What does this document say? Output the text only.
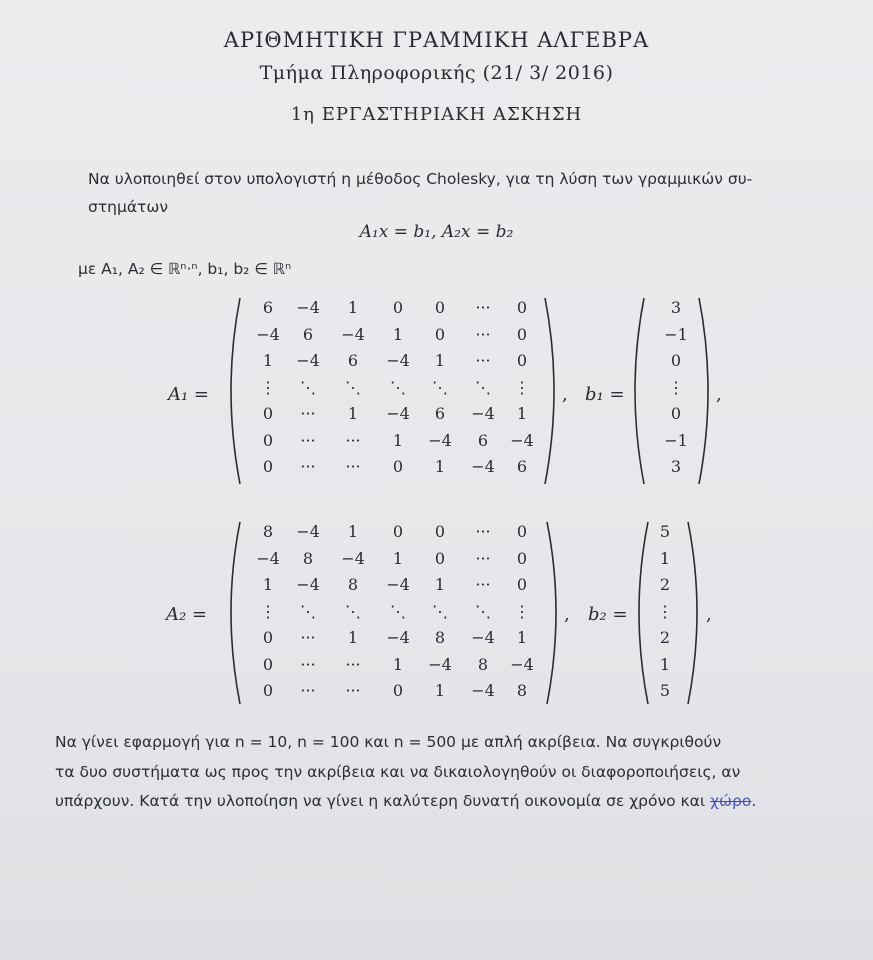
ΑΡΙΘΜΗΤΙΚΗ ΓΡΑΜΜΙΚΗ ΑΛΓΕΒΡΑ
Τμήμα Πληροφορικής (21/ 3/ 2016)
1η ΕΡΓΑΣΤΗΡΙΑΚΗ ΑΣΚΗΣΗ
Να υλοποιηθεί στον υπολογιστή η μέθοδος Cholesky, για τη λύση των γραμμικών συ-
στημάτων
A₁x = b₁, A₂x = b₂
με A₁, A₂ ∈ ℝⁿ·ⁿ, b₁, b₂ ∈ ℝⁿ
A₁ =
6	−4	1	0	0	···	0
−4	6	−4	1	0	···	0
1	−4	6	−4	1	···	0
⋮	⋱	⋱	⋱	⋱	⋱	⋮
0	···	1	−4	6	−4	1
0	···	···	1	−4	6	−4
0	···	···	0	1	−4	6
b₁ =
3
−1
0
⋮
0
−1
3
,	,
A₂ =
8	−4	1	0	0	···	0
−4	8	−4	1	0	···	0
1	−4	8	−4	1	···	0
⋮	⋱	⋱	⋱	⋱	⋱	⋮
0	···	1	−4	8	−4	1
0	···	···	1	−4	8	−4
0	···	···	0	1	−4	8
b₂ =
5
1
2
⋮
2
1
5
,	,
Να γίνει εφαρμογή για n = 10, n = 100 και n = 500 με απλή ακρίβεια. Να συγκριθούν
τα δυο συστήματα ως προς την ακρίβεια και να δικαιολογηθούν οι διαφοροποιήσεις, αν
υπάρχουν. Κατά την υλοποίηση να γίνει η καλύτερη δυνατή οικονομία σε χρόνο και χώρο.
